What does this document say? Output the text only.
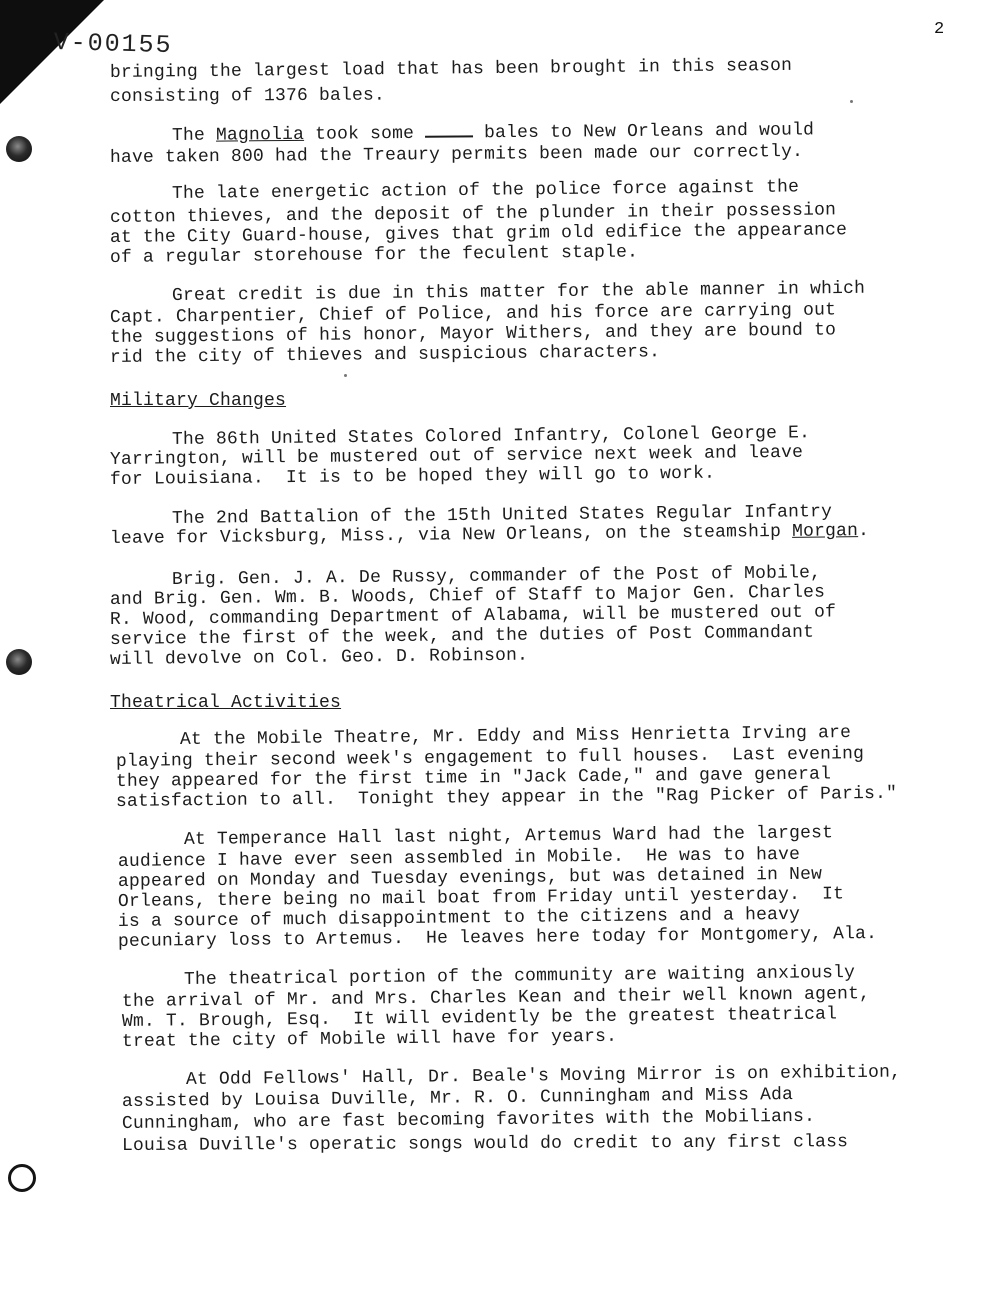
V-00155	2
bringing the largest load that has been brought in this season
consisting of 1376 bales.
The Magnolia took some	bales to New Orleans and would
have taken 800 had the Treaury permits been made our correctly.
The late energetic action of the police force against the
cotton thieves, and the deposit of the plunder in their possession
at the City Guard-house, gives that grim old edifice the appearance
of a regular storehouse for the feculent staple.
Great credit is due in this matter for the able manner in which
Capt. Charpentier, Chief of Police, and his force are carrying out
the suggestions of his honor, Mayor Withers, and they are bound to
rid the city of thieves and suspicious characters.
Military Changes
The 86th United States Colored Infantry, Colonel George E.
Yarrington, will be mustered out of service next week and leave
for Louisiana.  It is to be hoped they will go to work.
The 2nd Battalion of the 15th United States Regular Infantry
leave for Vicksburg, Miss., via New Orleans, on the steamship Morgan.
Brig. Gen. J. A. De Russy, commander of the Post of Mobile,
and Brig. Gen. Wm. B. Woods, Chief of Staff to Major Gen. Charles
R. Wood, commanding Department of Alabama, will be mustered out of
service the first of the week, and the duties of Post Commandant
will devolve on Col. Geo. D. Robinson.
Theatrical Activities
At the Mobile Theatre, Mr. Eddy and Miss Henrietta Irving are
playing their second week's engagement to full houses.  Last evening
they appeared for the first time in "Jack Cade," and gave general
satisfaction to all.  Tonight they appear in the "Rag Picker of Paris."
At Temperance Hall last night, Artemus Ward had the largest
audience I have ever seen assembled in Mobile.  He was to have
appeared on Monday and Tuesday evenings, but was detained in New
Orleans, there being no mail boat from Friday until yesterday.  It
is a source of much disappointment to the citizens and a heavy
pecuniary loss to Artemus.  He leaves here today for Montgomery, Ala.
The theatrical portion of the community are waiting anxiously
the arrival of Mr. and Mrs. Charles Kean and their well known agent,
Wm. T. Brough, Esq.  It will evidently be the greatest theatrical
treat the city of Mobile will have for years.
At Odd Fellows' Hall, Dr. Beale's Moving Mirror is on exhibition,
assisted by Louisa Duville, Mr. R. O. Cunningham and Miss Ada
Cunningham, who are fast becoming favorites with the Mobilians.
Louisa Duville's operatic songs would do credit to any first class
